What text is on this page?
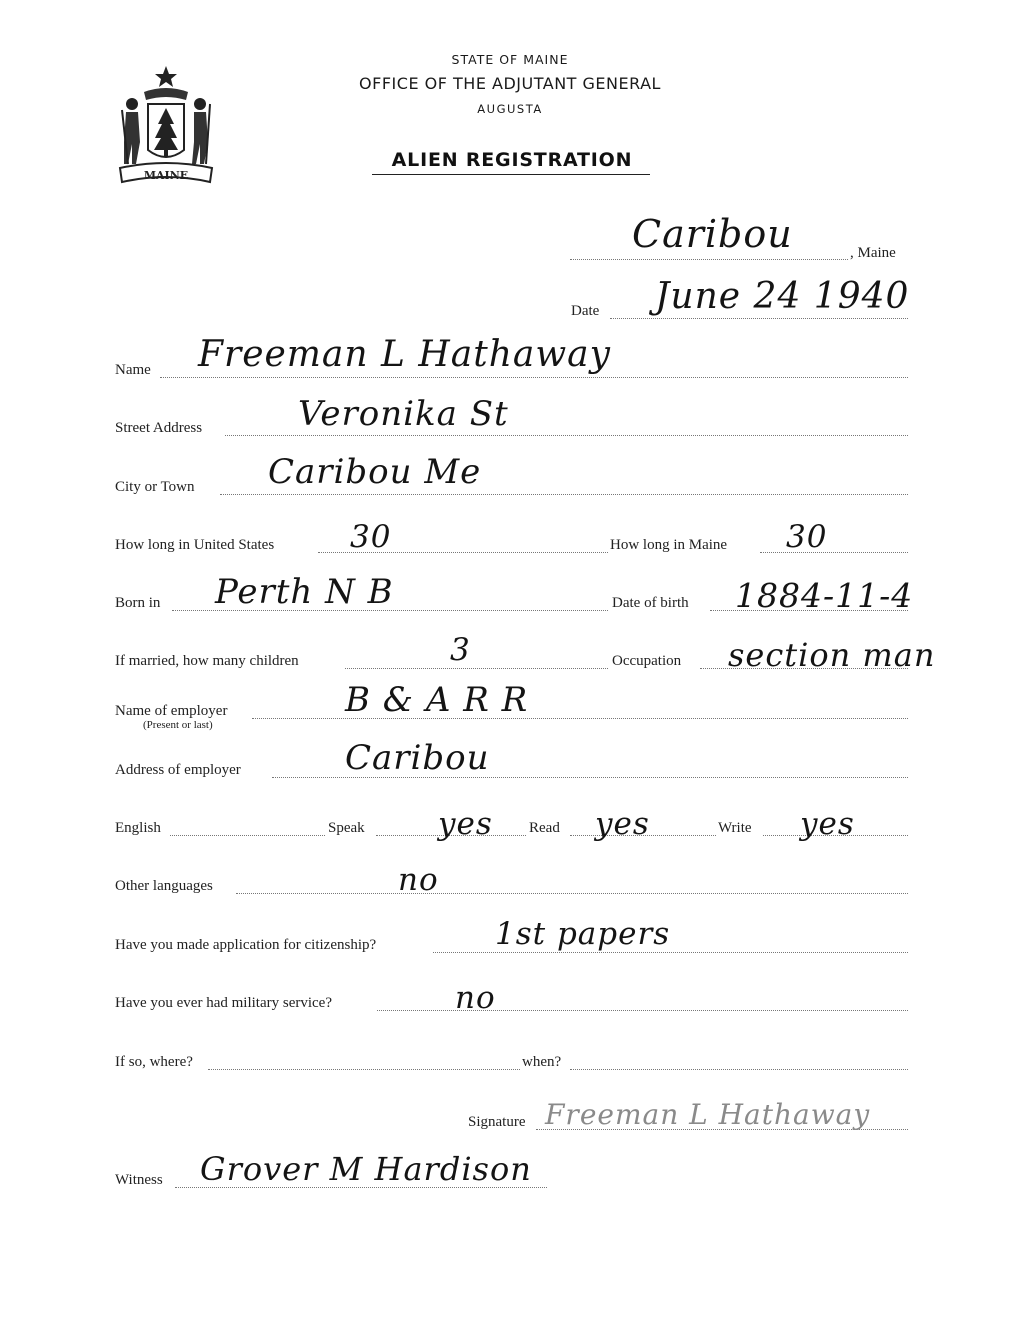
MAINE
STATE OF MAINE
OFFICE OF THE ADJUTANT GENERAL
AUGUSTA
ALIEN REGISTRATION
Caribou	, Maine
Date June 24 1940
Name Freeman L Hathaway
Street Address	Veronika St
City or Town Caribou Me
How long in United States 30	How long in Maine 30
Born in Perth N B	Date of birth 1884-11-4
If married, how many children	3	Occupation section man
Name of employer
(Present or last)
B & A R R
Address of employer	Caribou
English	Speak yes Read yes	Write yes
Other languages	no
Have you made application for citizenship?	1st papers
Have you ever had military service?	no
If so, where?	when?
Signature Freeman L Hathaway
Witness Grover M Hardison
